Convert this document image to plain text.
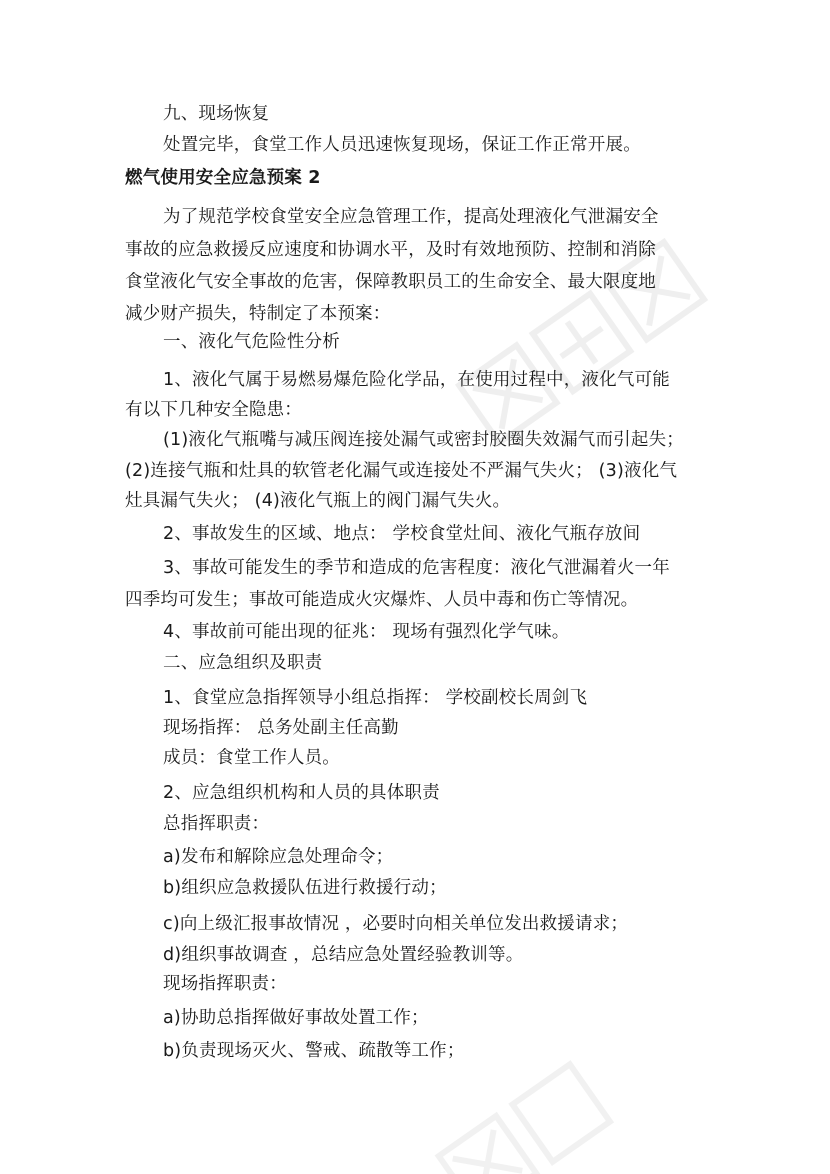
九、现场恢复
处置完毕，食堂工作人员迅速恢复现场，保证工作正常开展。
燃气使用安全应急预案 2
为了规范学校食堂安全应急管理工作，提高处理液化气泄漏安全
事故的应急救援反应速度和协调水平，及时有效地预防、控制和消除
食堂液化气安全事故的危害，保障教职员工的生命安全、最大限度地
减少财产损失，特制定了本预案：
一、液化气危险性分析
1、液化气属于易燃易爆危险化学品，在使用过程中，液化气可能
有以下几种安全隐患：
(1)液化气瓶嘴与减压阀连接处漏气或密封胶圈失效漏气而引起失；
(2)连接气瓶和灶具的软管老化漏气或连接处不严漏气失火； (3)液化气
灶具漏气失火； (4)液化气瓶上的阀门漏气失火。
2、事故发生的区域、地点： 学校食堂灶间、液化气瓶存放间
3、事故可能发生的季节和造成的危害程度：液化气泄漏着火一年
四季均可发生；事故可能造成火灾爆炸、人员中毒和伤亡等情况。
4、事故前可能出现的征兆： 现场有强烈化学气味。
二、应急组织及职责
1、食堂应急指挥领导小组总指挥： 学校副校长周剑飞
现场指挥： 总务处副主任高勤
成员：食堂工作人员。
2、应急组织机构和人员的具体职责
总指挥职责：
a)发布和解除应急处理命令；
b)组织应急救援队伍进行救援行动；
c)向上级汇报事故情况 ，必要时向相关单位发出救援请求；
d)组织事故调查 ，总结应急处置经验教训等。
现场指挥职责：
a)协助总指挥做好事故处置工作；
b)负责现场灭火、警戒、疏散等工作；
